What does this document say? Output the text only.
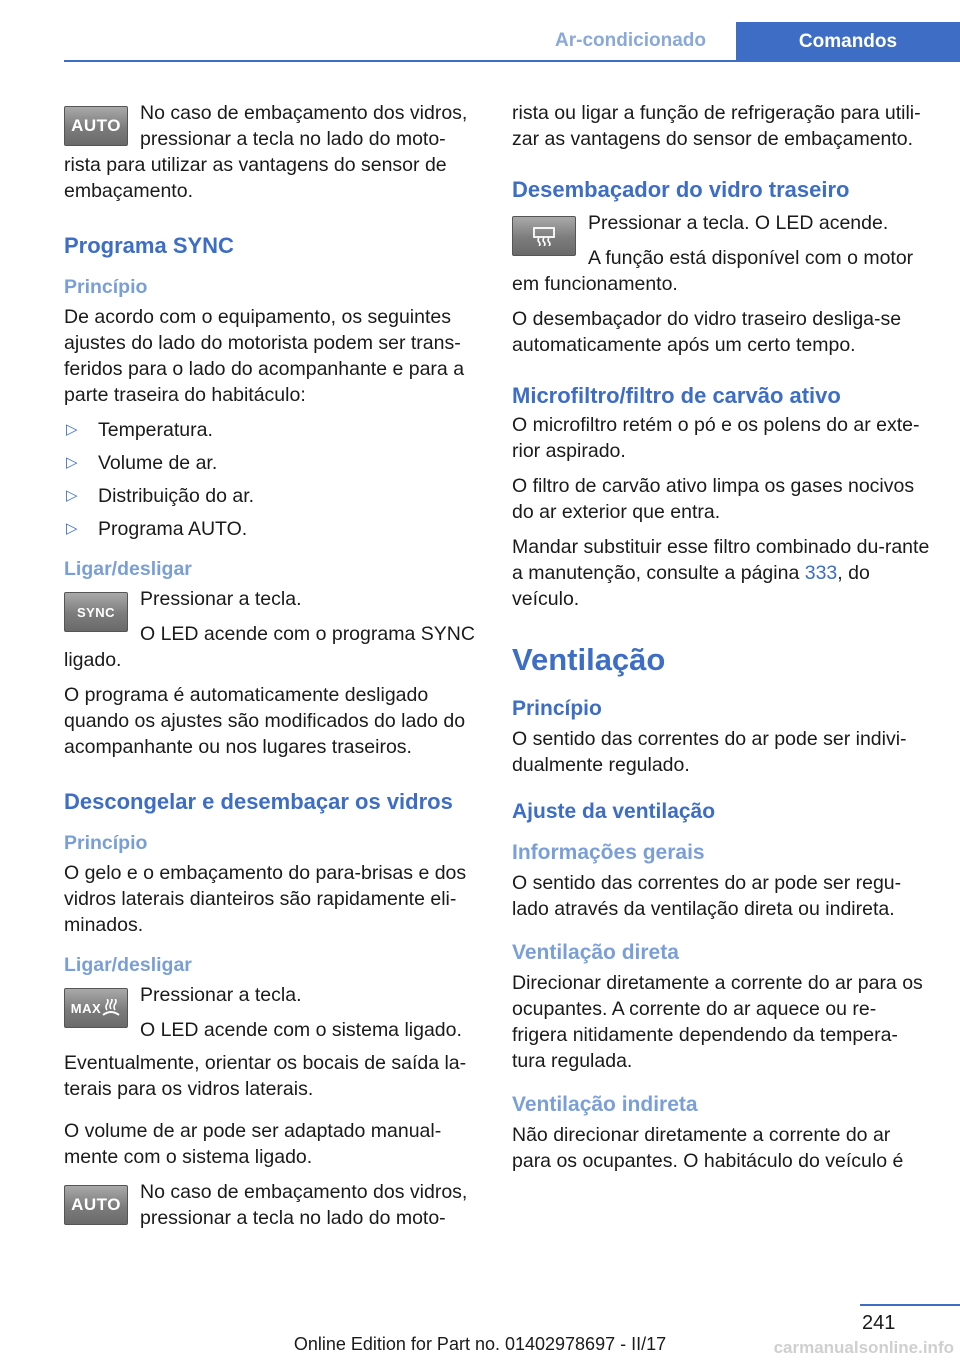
Ar-condicionado	Comandos
AUTO

No caso de embaçamento dos vidros, pressionar a tecla no lado do moto-

rista para utilizar as vantagens do sensor de embaçamento.

Programa SYNC
Princípio

De acordo com o equipamento, os seguintes ajustes do lado do motorista podem ser trans-feridos para o lado do acompanhante e para a parte traseira do habitáculo:

▷ Temperatura.
▷ Volume de ar.
▷ Distribuição do ar.
▷ Programa AUTO.
Ligar/desligar
SYNC

Pressionar a tecla.

O LED acende com o programa SYNC

ligado.

O programa é automaticamente desligado quando os ajustes são modificados do lado do acompanhante ou nos lugares traseiros.

Descongelar e desembaçar os vidros
Princípio

O gelo e o embaçamento do para-brisas e dos vidros laterais dianteiros são rapidamente eli-minados.

Ligar/desligar
MAX

Pressionar a tecla.

O LED acende com o sistema ligado.

Eventualmente, orientar os bocais de saída la-terais para os vidros laterais.

O volume de ar pode ser adaptado manual-mente com o sistema ligado.

AUTO

No caso de embaçamento dos vidros, pressionar a tecla no lado do moto-

rista ou ligar a função de refrigeração para utili-zar as vantagens do sensor de embaçamento.

Desembaçador do vidro traseiro

Pressionar a tecla. O LED acende.

A função está disponível com o motor

em funcionamento.

O desembaçador do vidro traseiro desliga-se automaticamente após um certo tempo.

Microfiltro/filtro de carvão ativo

O microfiltro retém o pó e os polens do ar exte-rior aspirado.

O filtro de carvão ativo limpa os gases nocivos do ar exterior que entra.

Mandar substituir esse filtro combinado du-rante a manutenção, consulte a página 333, do veículo.

Ventilação
Princípio

O sentido das correntes do ar pode ser indivi-dualmente regulado.

Ajuste da ventilação
Informações gerais

O sentido das correntes do ar pode ser regu-lado através da ventilação direta ou indireta.

Ventilação direta

Direcionar diretamente a corrente do ar para os ocupantes. A corrente do ar aquece ou re-frigera nitidamente dependendo da tempera-tura regulada.

Ventilação indireta

Não direcionar diretamente a corrente do ar para os ocupantes. O habitáculo do veículo é

241
Online Edition for Part no. 01402978697 - II/17	carmanualsonline.info
